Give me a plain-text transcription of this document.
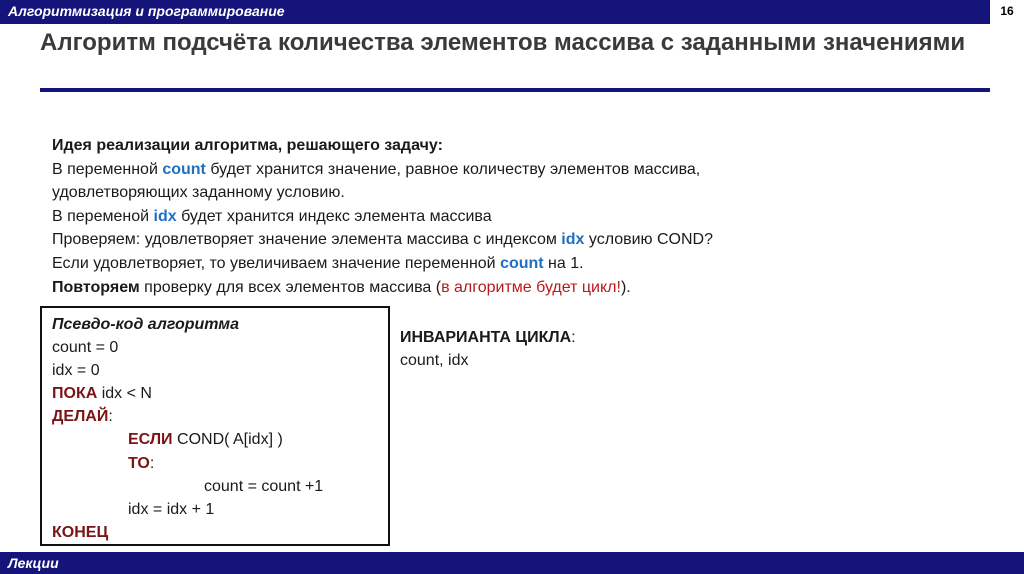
Алгоритмизация и программирование	16
Алгоритм подсчёта количества элементов массива с заданными значениями

Идея реализации алгоритма, решающего задачу:

В переменной count будет хранится значение, равное количеству элементов массива,

удовлетворяющих заданному условию.

В переменой idx будет хранится индекс элемента массива

Проверяем: удовлетворяет значение элемента массива с индексом idx условию COND?

Если удовлетворяет, то увеличиваем значение переменной count на 1.

Повторяем проверку для всех элементов массива (в алгоритме будет цикл!).

Псевдо-код алгоритма

count = 0

idx = 0

ПОКА idx < N

ДЕЛАЙ:

ЕСЛИ COND( A[idx] )

ТО:

count = count +1

idx = idx + 1

КОНЕЦ

ИНВАРИАНТА ЦИКЛА:

count, idx

Лекции
